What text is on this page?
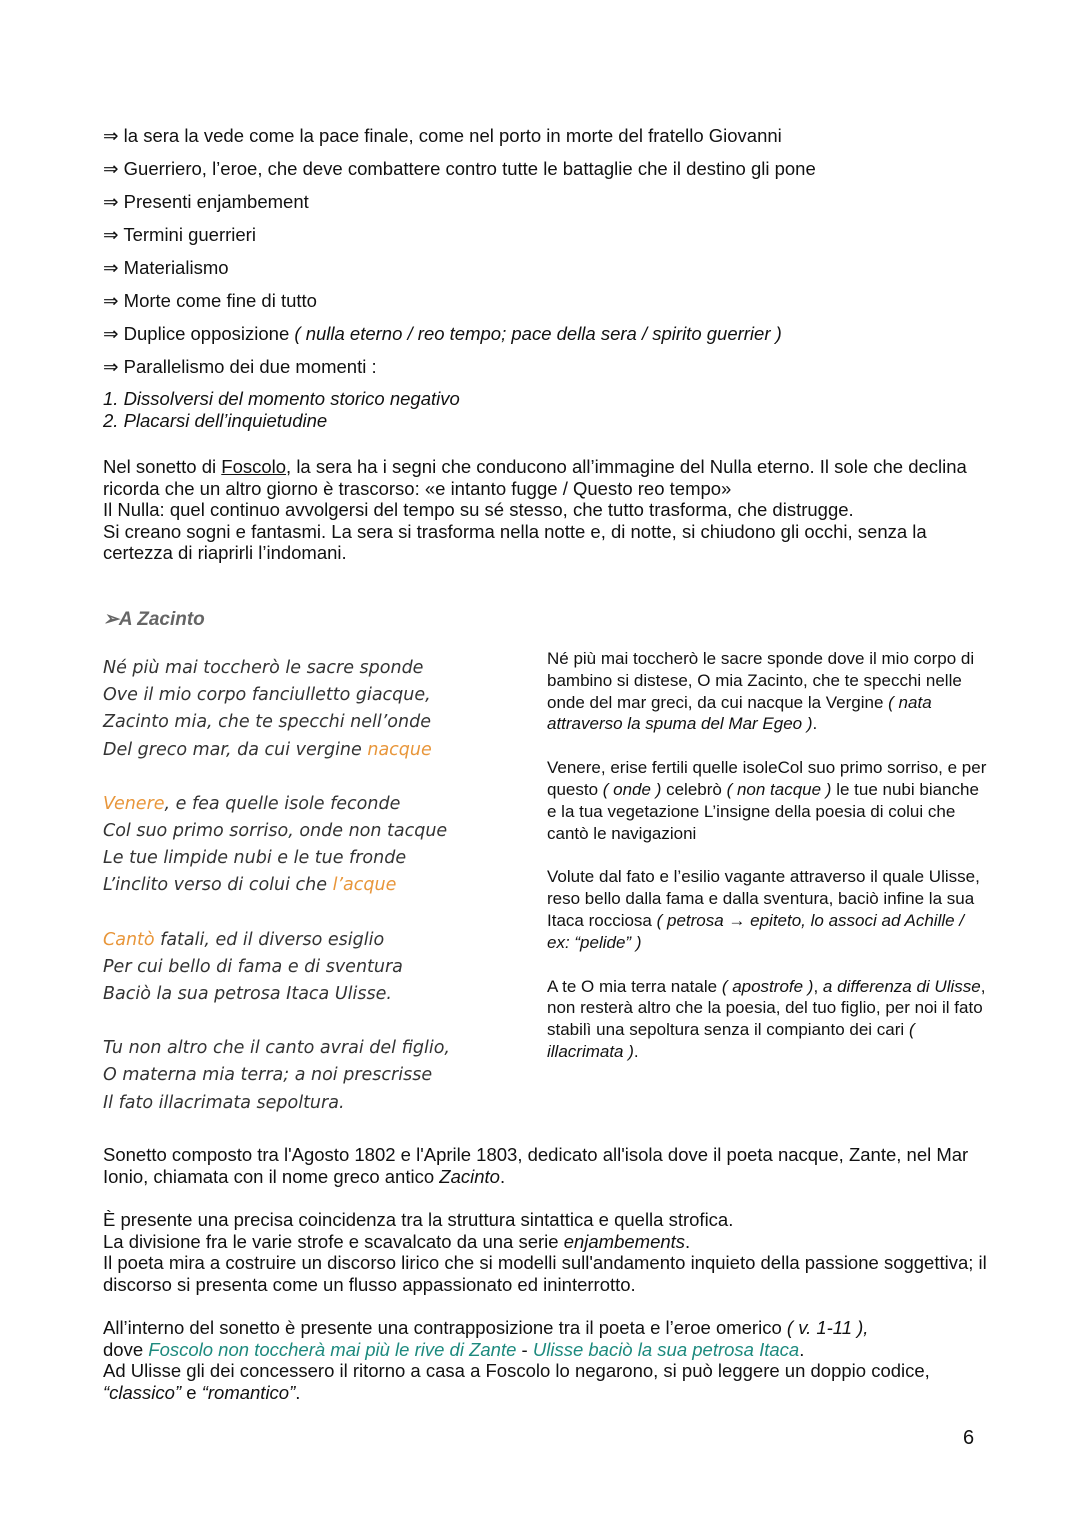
⇒ la sera la vede come la pace finale, come nel porto in morte del fratello Giovanni
⇒ Guerriero, l’eroe, che deve combattere contro tutte le battaglie che il destino gli pone
⇒ Presenti enjambement
⇒ Termini guerrieri
⇒ Materialismo
⇒ Morte come fine di tutto
⇒ Duplice opposizione ( nulla eterno / reo tempo; pace della sera / spirito guerrier )
⇒ Parallelismo dei due momenti :
1. Dissolversi del momento storico negativo
2. Placarsi dell’inquietudine
Nel sonetto di Foscolo, la sera ha i segni che conducono all’immagine del Nulla eterno. Il sole che declina ricorda che un altro giorno è trascorso: «e intanto fugge / Questo reo tempo»
Il Nulla: quel continuo avvolgersi del tempo su sé stesso, che tutto trasforma, che distrugge.
Si creano sogni e fantasmi. La sera si trasforma nella notte e, di notte, si chiudono gli occhi, senza la certezza di riaprirli l’indomani.
➢A Zacinto
Né più mai toccherò le sacre sponde
Ove il mio corpo fanciulletto giacque,
Zacinto mia, che te specchi nell’onde
Del greco mar, da cui vergine nacque
Venere, e fea quelle isole feconde
Col suo primo sorriso, onde non tacque
Le tue limpide nubi e le tue fronde
L’inclito verso di colui che l’acque
Cantò fatali, ed il diverso esiglio
Per cui bello di fama e di sventura
Baciò la sua petrosa Itaca Ulisse.
Tu non altro che il canto avrai del figlio,
O materna mia terra; a noi prescrisse
Il fato illacrimata sepoltura.
Né più mai toccherò le sacre sponde dove il mio corpo di bambino si distese, O mia Zacinto, che te specchi nelle onde del mar greci, da cui nacque la Vergine ( nata attraverso la spuma del Mar Egeo ).
Venere, erise fertili quelle isoleCol suo primo sorriso, e per questo ( onde ) celebrò ( non tacque ) le tue nubi bianche e la tua vegetazione L’insigne della poesia di colui che cantò le navigazioni
Volute dal fato e l’esilio vagante attraverso il quale Ulisse, reso bello dalla fama e dalla sventura, baciò infine la sua Itaca rocciosa ( petrosa → epiteto, lo associ ad Achille / ex: “pelide” )
A te O mia terra natale ( apostrofe ), a differenza di Ulisse, non resterà altro che la poesia, del tuo figlio, per noi il fato stabilì una sepoltura senza il compianto dei cari ( illacrimata ).
Sonetto composto tra l'Agosto 1802 e l'Aprile 1803, dedicato all'isola dove il poeta nacque, Zante, nel Mar Ionio, chiamata con il nome greco antico Zacinto.
È presente una precisa coincidenza tra la struttura sintattica e quella strofica.
La divisione fra le varie strofe e scavalcato da una serie enjambements.
Il poeta mira a costruire un discorso lirico che si modelli sull'andamento inquieto della passione soggettiva; il discorso si presenta come un flusso appassionato ed ininterrotto.
All’interno del sonetto è presente una contrapposizione tra il poeta e l’eroe omerico ( v. 1-11 ),
dove Foscolo non toccherà mai più le rive di Zante - Ulisse baciò la sua petrosa Itaca.
Ad Ulisse gli dei concessero il ritorno a casa a Foscolo lo negarono, si può leggere un doppio codice, “classico” e “romantico”.
6
